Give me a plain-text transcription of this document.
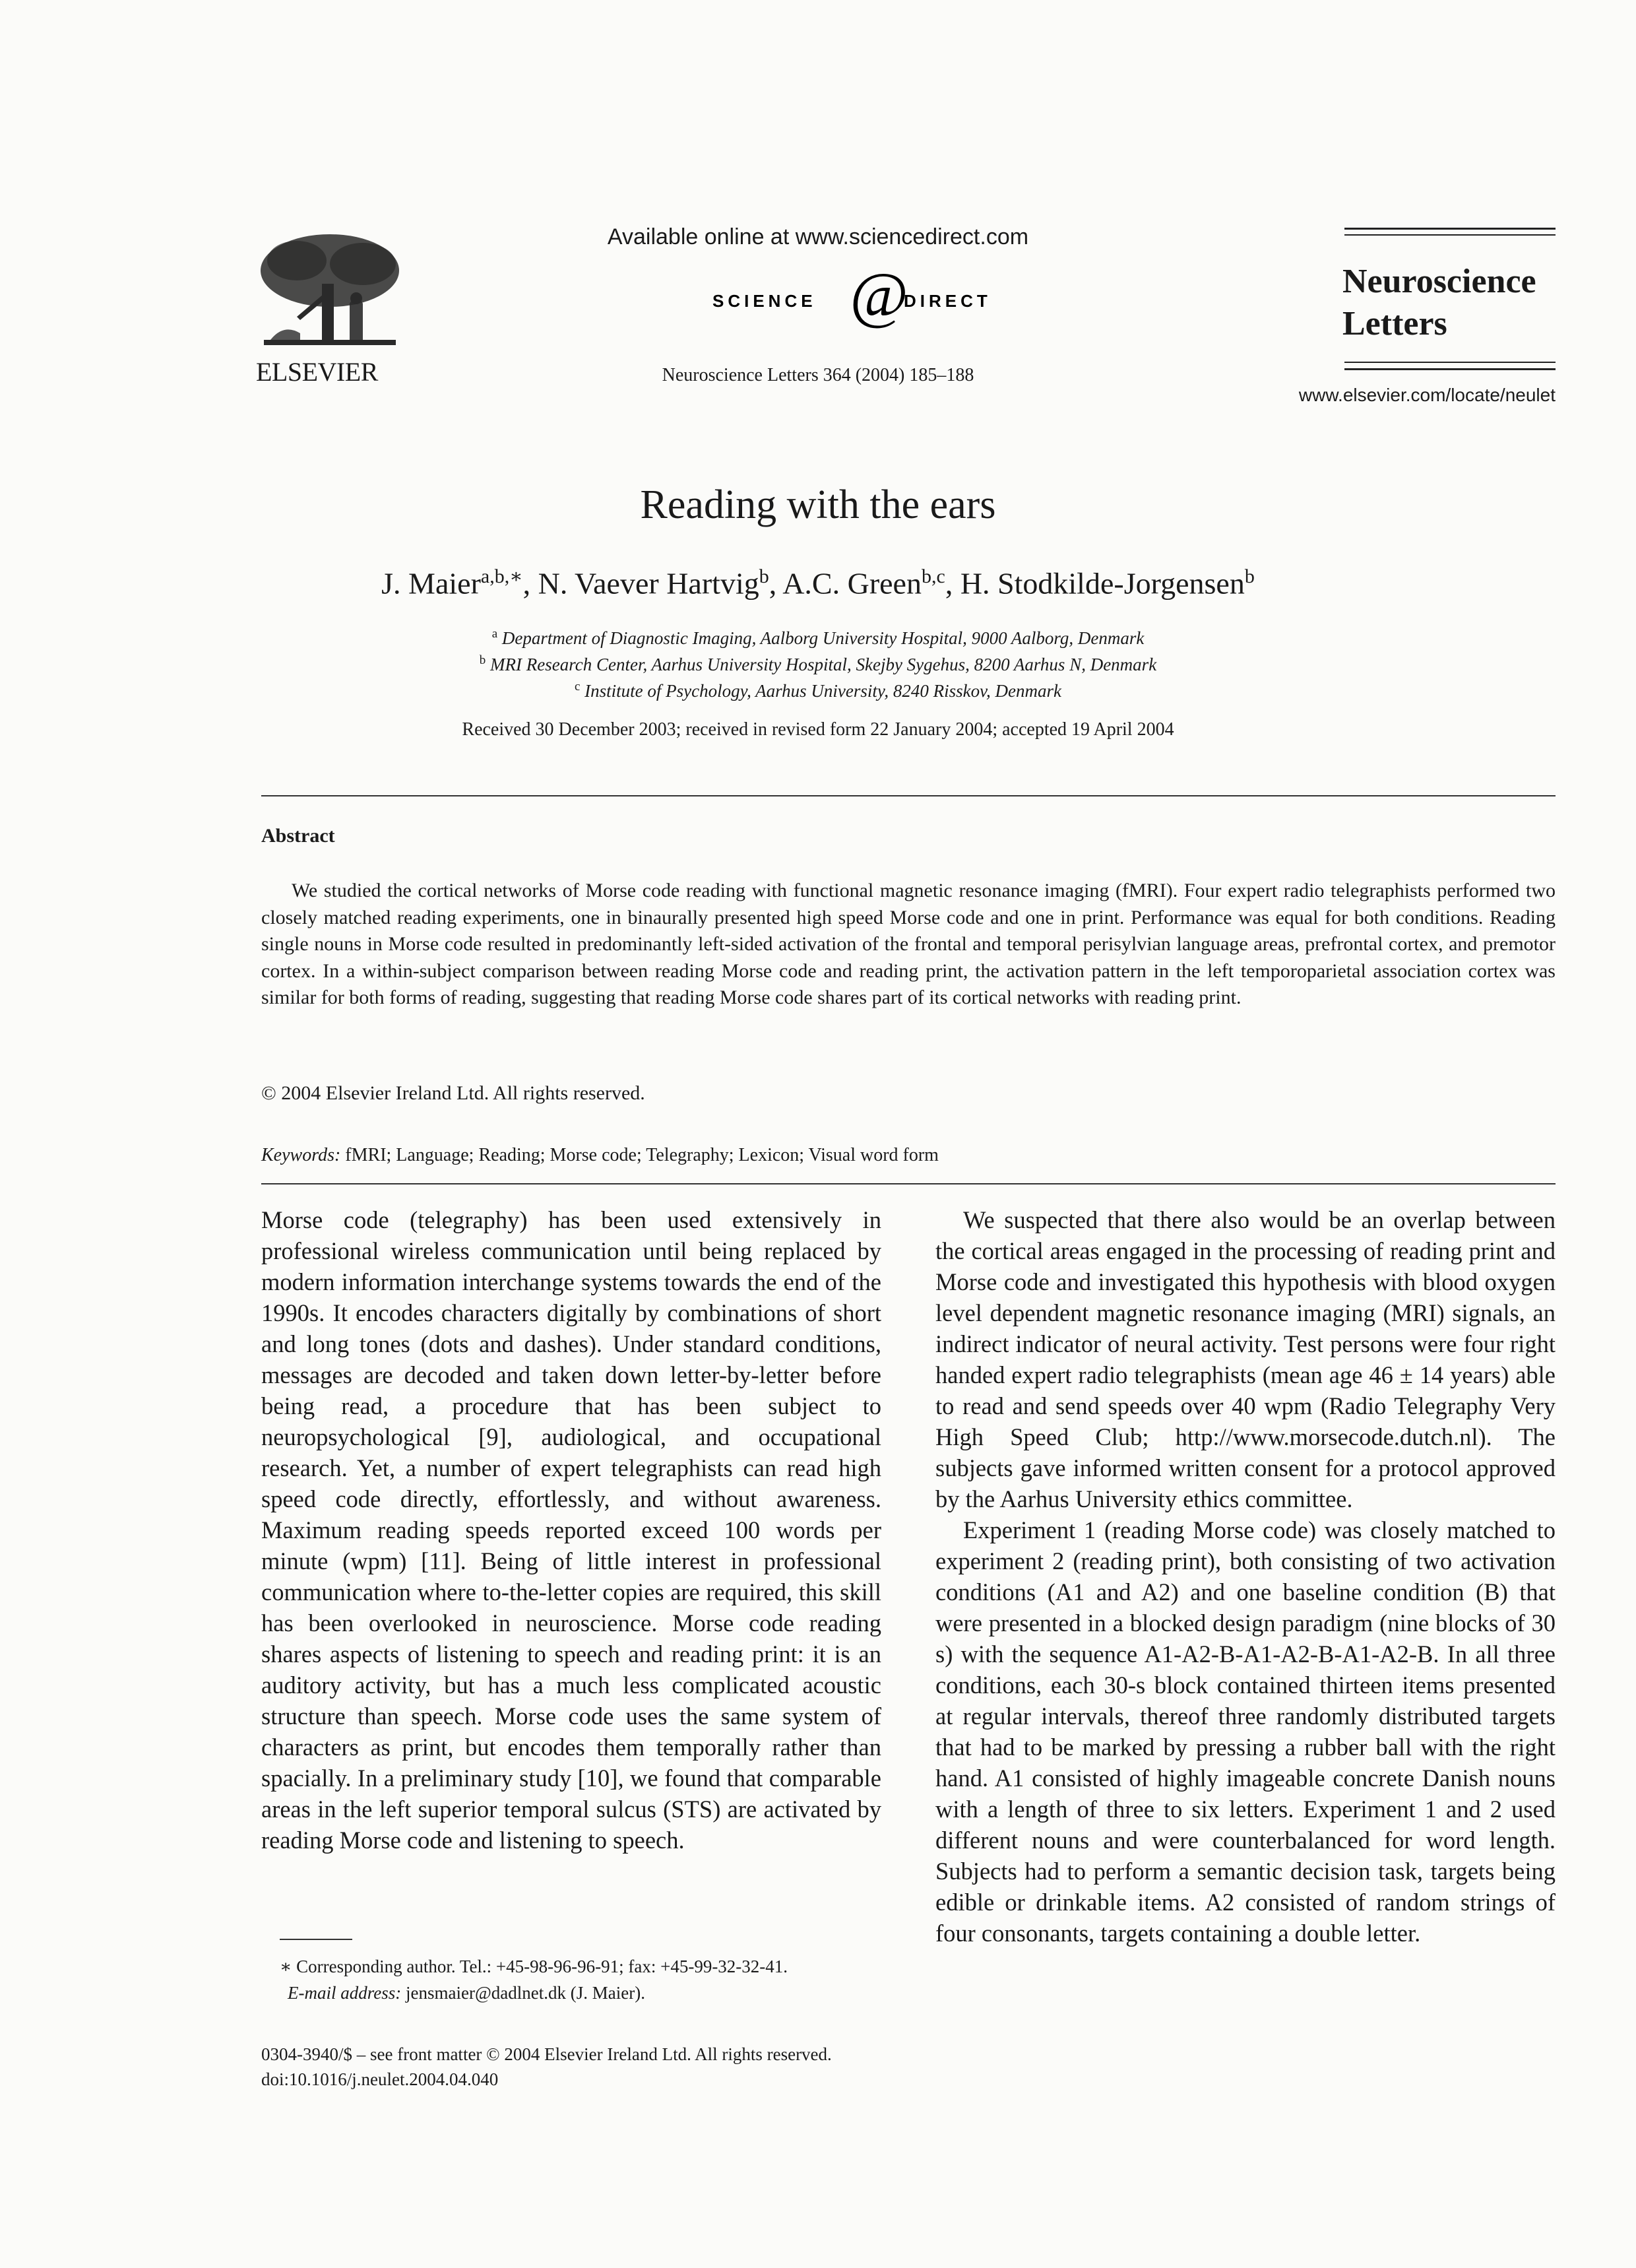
ELSEVIER
Available online at www.sciencedirect.com
SCIENCE @
DIRECT
Neuroscience Letters 364 (2004) 185–188
Neuroscience
Letters
www.elsevier.com/locate/neulet
Reading with the ears
J. Maier$^{a,b,∗}$, N. Vaever Hartvig$^b$, A.C. Green$^{b,c}$, H. Stodkilde-Jorgensen$^b$
$^a$ Department of Diagnostic Imaging, Aalborg University Hospital, 9000 Aalborg, Denmark
$^b$ MRI Research Center, Aarhus University Hospital, Skejby Sygehus, 8200 Aarhus N, Denmark
$^c$ Institute of Psychology, Aarhus University, 8240 Risskov, Denmark
Received 30 December 2003; received in revised form 22 January 2004; accepted 19 April 2004
Abstract
We studied the cortical networks of Morse code reading with functional magnetic resonance imaging (fMRI). Four expert radio telegraphists performed two closely matched reading experiments, one in binaurally presented high speed Morse code and one in print. Performance was equal for both conditions. Reading single nouns in Morse code resulted in predominantly left-sided activation of the frontal and temporal perisylvian language areas, prefrontal cortex, and premotor cortex. In a within-subject comparison between reading Morse code and reading print, the activation pattern in the left temporoparietal association cortex was similar for both forms of reading, suggesting that reading Morse code shares part of its cortical networks with reading print.
© 2004 Elsevier Ireland Ltd. All rights reserved.
Keywords: fMRI; Language; Reading; Morse code; Telegraphy; Lexicon; Visual word form

Morse code (telegraphy) has been used extensively in professional wireless communication until being replaced by modern information interchange systems towards the end of the 1990s. It encodes characters digitally by combinations of short and long tones (dots and dashes). Under standard conditions, messages are decoded and taken down letter-by-letter before being read, a procedure that has been subject to neuropsychological [9], audiological, and occupational research. Yet, a number of expert telegraphists can read high speed code directly, effortlessly, and without awareness. Maximum reading speeds reported exceed 100 words per minute (wpm) [11]. Being of little interest in professional communication where to-the-letter copies are required, this skill has been overlooked in neuroscience. Morse code reading shares aspects of listening to speech and reading print: it is an auditory activity, but has a much less complicated acoustic structure than speech. Morse code uses the same system of characters as print, but encodes them temporally rather than spacially. In a preliminary study [10], we found that comparable areas in the left superior temporal sulcus (STS) are activated by reading Morse code and listening to speech.

We suspected that there also would be an overlap between the cortical areas engaged in the processing of reading print and Morse code and investigated this hypothesis with blood oxygen level dependent magnetic resonance imaging (MRI) signals, an indirect indicator of neural activity. Test persons were four right handed expert radio telegraphists (mean age 46 ± 14 years) able to read and send speeds over 40 wpm (Radio Telegraphy Very High Speed Club; http://www.morsecode.dutch.nl). The subjects gave informed written consent for a protocol approved by the Aarhus University ethics committee.

Experiment 1 (reading Morse code) was closely matched to experiment 2 (reading print), both consisting of two activation conditions (A1 and A2) and one baseline condition (B) that were presented in a blocked design paradigm (nine blocks of 30 s) with the sequence A1-A2-B-A1-A2-B-A1-A2-B. In all three conditions, each 30-s block contained thirteen items presented at regular intervals, thereof three randomly distributed targets that had to be marked by pressing a rubber ball with the right hand. A1 consisted of highly imageable concrete Danish nouns with a length of three to six letters. Experiment 1 and 2 used different nouns and were counterbalanced for word length. Subjects had to perform a semantic decision task, targets being edible or drinkable items. A2 consisted of random strings of four consonants, targets containing a double letter.

∗ Corresponding author. Tel.: +45-98-96-96-91; fax: +45-99-32-32-41.
E-mail address: jensmaier@dadlnet.dk (J. Maier).
0304-3940/$ – see front matter © 2004 Elsevier Ireland Ltd. All rights reserved.
doi:10.1016/j.neulet.2004.04.040
